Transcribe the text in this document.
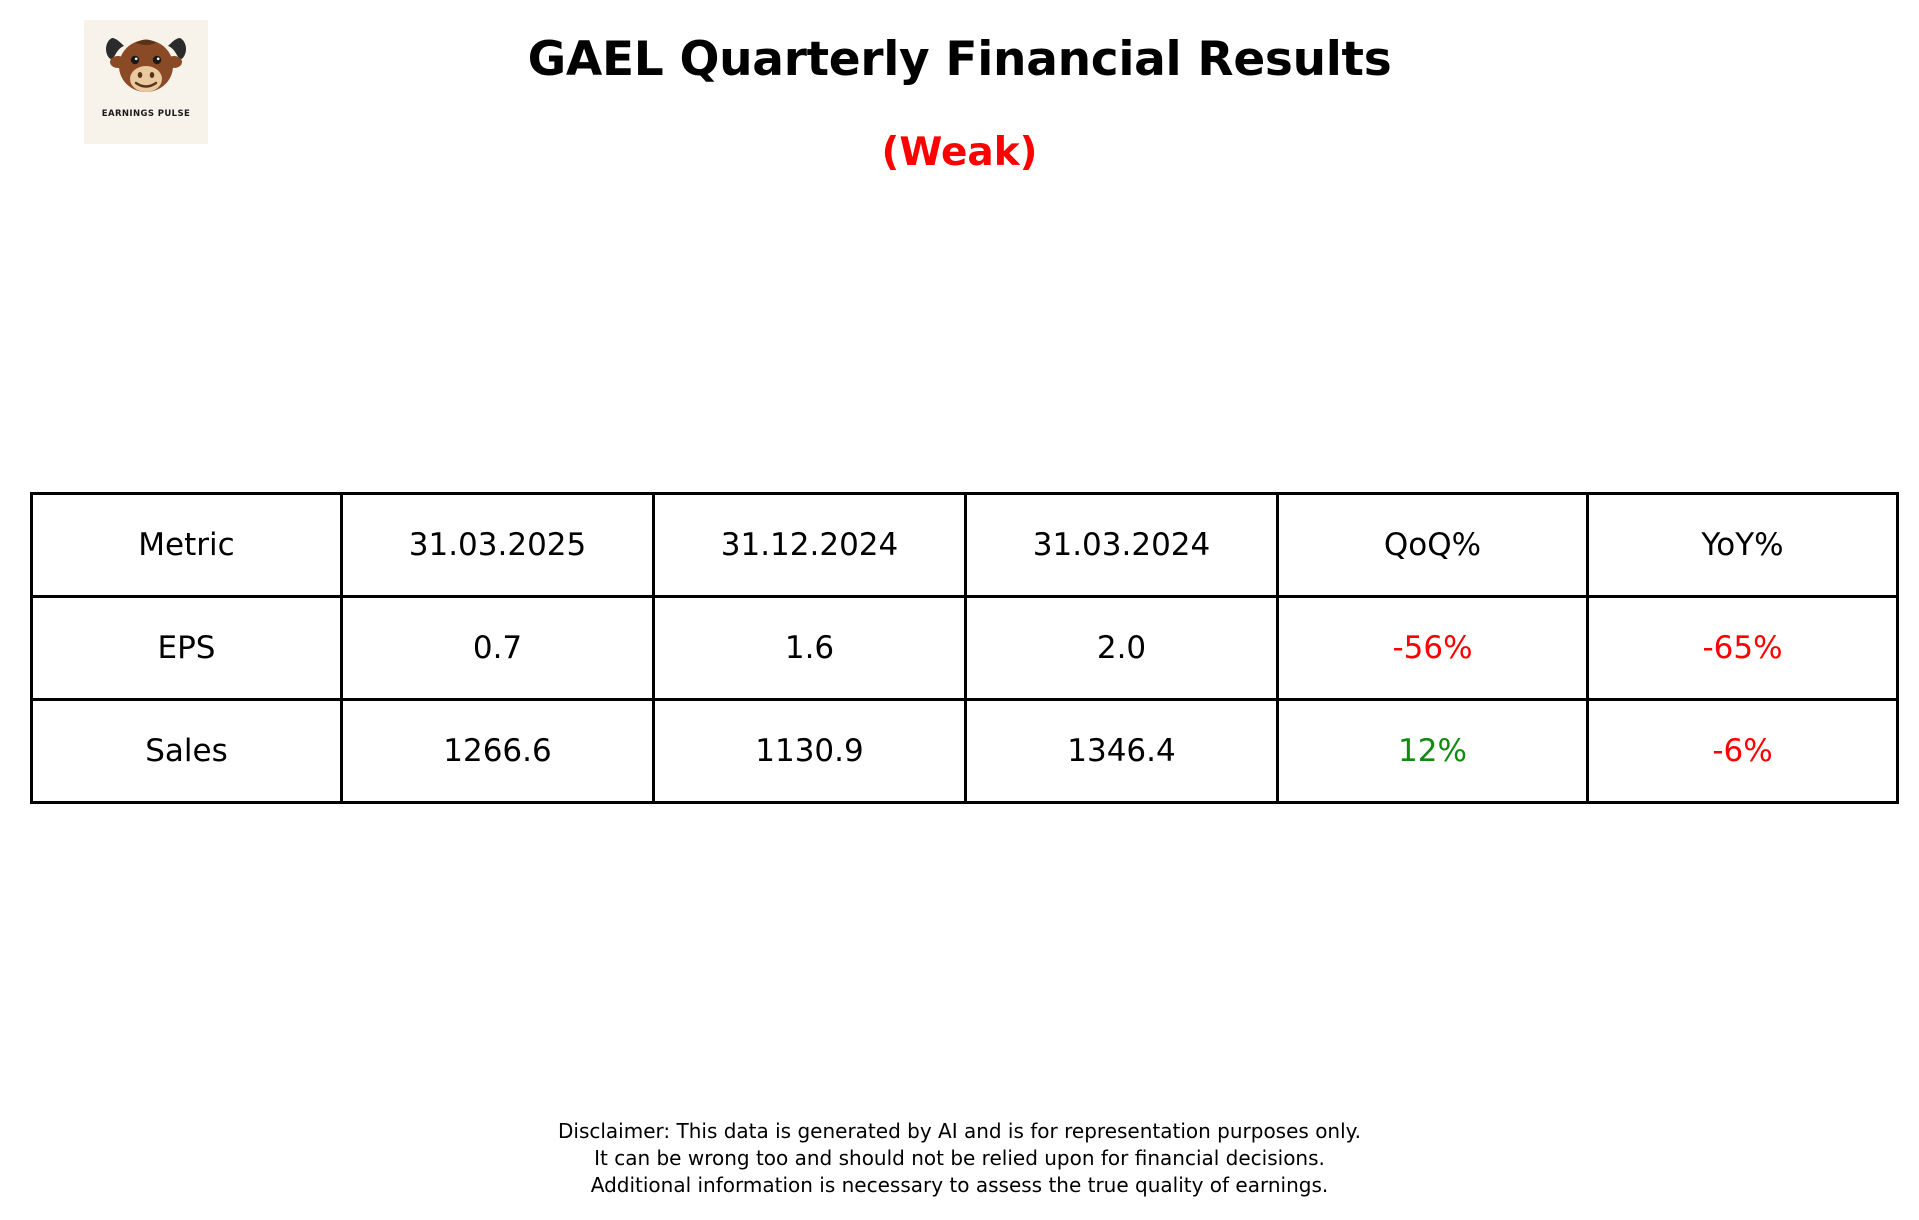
EARNINGS PULSE
GAEL Quarterly Financial Results
(Weak)
Metric	31.03.2025	31.12.2024	31.03.2024	QoQ%	YoY%
EPS	0.7	1.6	2.0	-56%	-65%
Sales	1266.6	1130.9	1346.4	12%	-6%
Disclaimer: This data is generated by AI and is for representation purposes only.
It can be wrong too and should not be relied upon for financial decisions.
Additional information is necessary to assess the true quality of earnings.
